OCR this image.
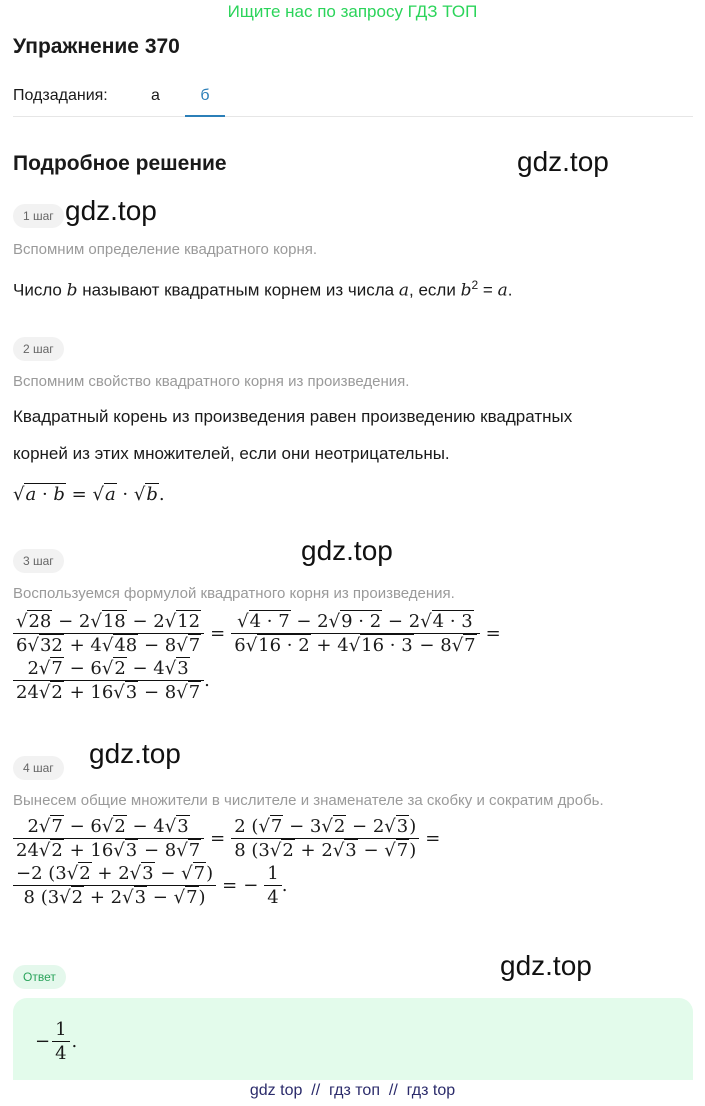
Ищите нас по запросу ГДЗ ТОП
Упражнение 370
Подзадания:	а	б
Подробное решение	gdz.top
gdz.top
gdz.top
gdz.top
gdz.top
1 шаг
Вспомним определение квадратного корня.
Число b называют квадратным корнем из числа a, если $b^2 = a$.
2 шаг
Вспомним свойство квадратного корня из произведения.
Квадратный корень из произведения равен произведению квадратных
корней из этих множителей, если они неотрицательны.
√a · b = √a · √b.
3 шаг
Воспользуемся формулой квадратного корня из произведения.
√28 − 2√18 − 2√12
6√32 + 4√48 − 8√7
=
√4 · 7 − 2√9 · 2 − 2√4 · 3
6√16 · 2 + 4√16 · 3 − 8√7
=
2√7 − 6√2 − 4√3
24√2 + 16√3 − 8√7
.
4 шаг
Вынесем общие множители в числителе и знаменателе за скобку и сократим дробь.
2√7 − 6√2 − 4√3
24√2 + 16√3 − 8√7
=
2 (√7 − 3√2 − 2√3)
8 (3√2 + 2√3 − √7)
=
−2 (3√2 + 2√3 − √7)
8 (3√2 + 2√3 − √7)
= −
1
4
.
Ответ
−
1
4
.
gdz top  //  гдз топ  //  гдз top
